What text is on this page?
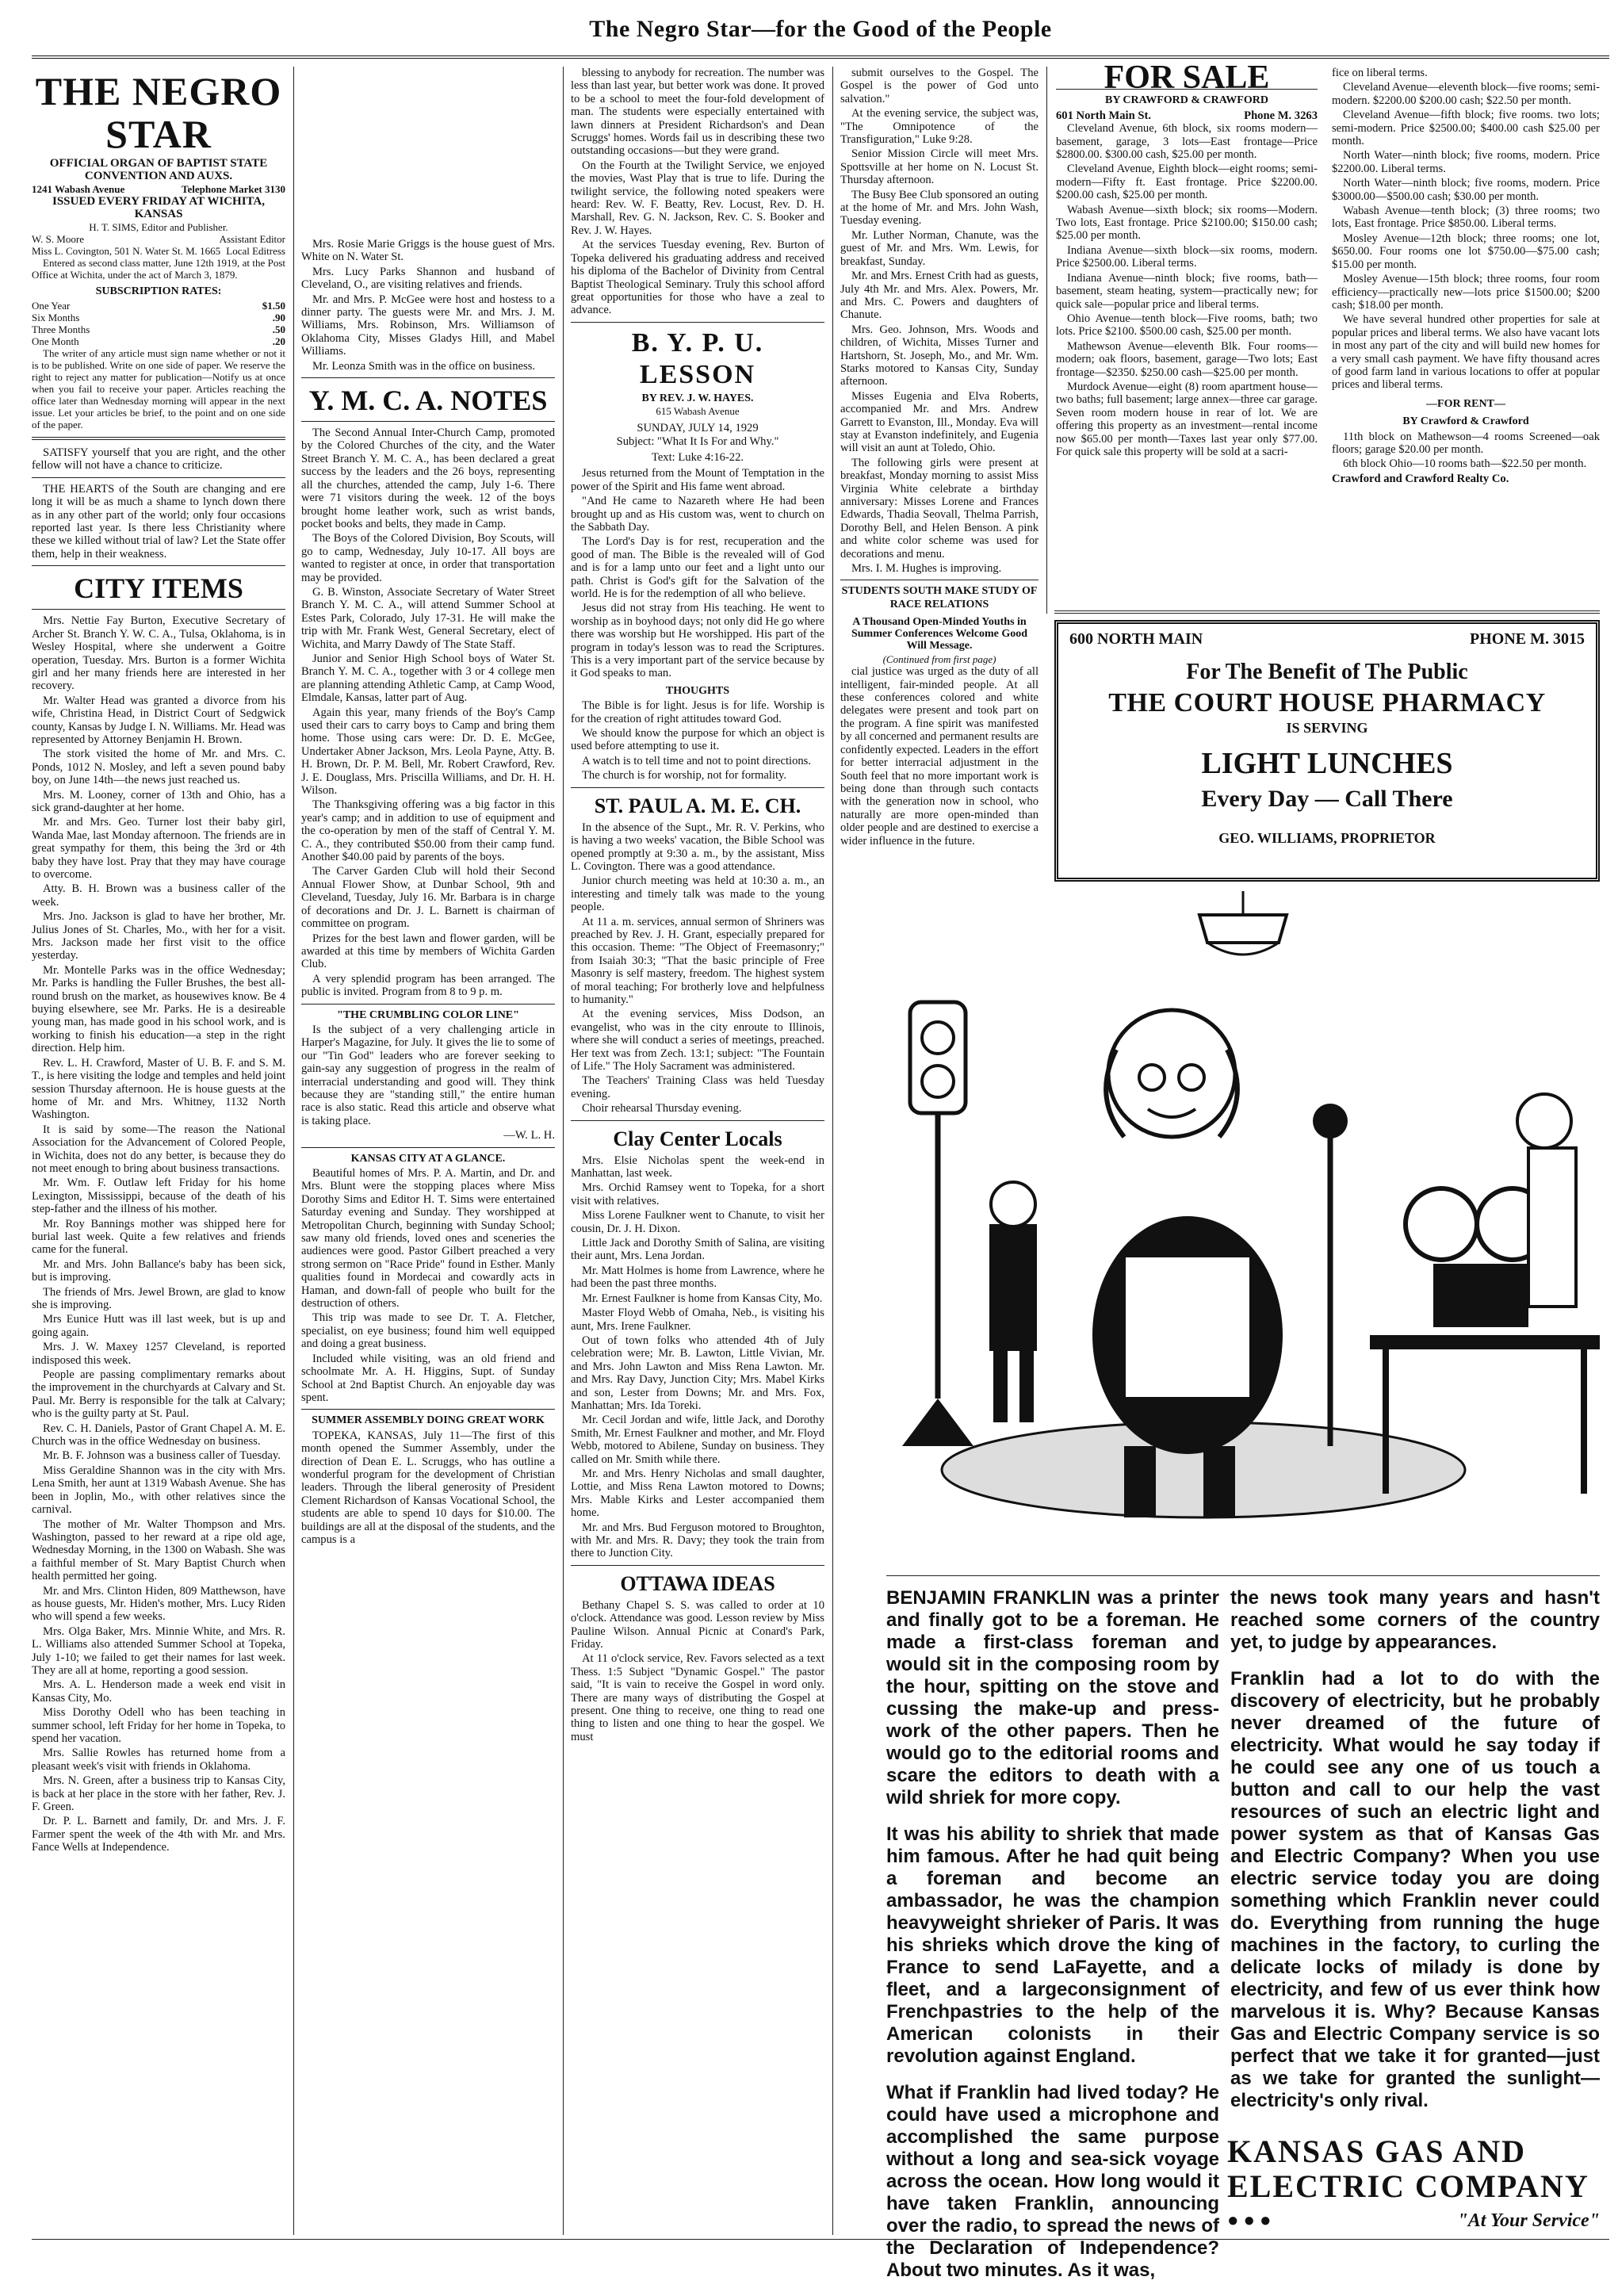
The Negro Star—for the Good of the People
THE NEGRO STAR
OFFICIAL ORGAN OF BAPTIST STATE CONVENTION AND AUXS.
1241 Wabash Avenue	Telephone Market 3130
ISSUED EVERY FRIDAY AT WICHITA, KANSAS
H. T. SIMS, Editor and Publisher.
W. S. Moore	Assistant Editor
Miss L. Covington, 501 N. Water St. M. 1665 Local Editress

Entered as second class matter, June 12th 1919, at the Post Office at Wichita, under the act of March 3, 1879.

SUBSCRIPTION RATES:
One Year	$1.50
Six Months	.90
Three Months	.50
One Month	.20

The writer of any article must sign name whether or not it is to be published. Write on one side of paper. We reserve the right to reject any matter for publication—Notify us at once when you fail to receive your paper. Articles reaching the office later than Wednesday morning will appear in the next issue. Let your articles be brief, to the point and on one side of the paper.

SATISFY yourself that you are right, and the other fellow will not have a chance to criticize.

THE HEARTS of the South are changing and ere long it will be as much a shame to lynch down there as in any other part of the world; only four occasions reported last year. Is there less Christianity where these we killed without trial of law? Let the State offer them, help in their weakness.

CITY ITEMS

Mrs. Nettie Fay Burton, Executive Secretary of Archer St. Branch Y. W. C. A., Tulsa, Oklahoma, is in Wesley Hospital, where she underwent a Goitre operation, Tuesday. Mrs. Burton is a former Wichita girl and her many friends here are interested in her recovery.

Mr. Walter Head was granted a divorce from his wife, Christina Head, in District Court of Sedgwick county, Kansas by Judge I. N. Williams. Mr. Head was represented by Attorney Benjamin H. Brown.

The stork visited the home of Mr. and Mrs. C. Ponds, 1012 N. Mosley, and left a seven pound baby boy, on June 14th—the news just reached us.

Mrs. M. Looney, corner of 13th and Ohio, has a sick grand-daughter at her home.

Mr. and Mrs. Geo. Turner lost their baby girl, Wanda Mae, last Monday afternoon. The friends are in great sympathy for them, this being the 3rd or 4th baby they have lost. Pray that they may have courage to overcome.

Atty. B. H. Brown was a business caller of the week.

Mrs. Jno. Jackson is glad to have her brother, Mr. Julius Jones of St. Charles, Mo., with her for a visit. Mrs. Jackson made her first visit to the office yesterday.

Mr. Montelle Parks was in the office Wednesday; Mr. Parks is handling the Fuller Brushes, the best all-round brush on the market, as housewives know. Be 4 buying elsewhere, see Mr. Parks. He is a desireable young man, has made good in his school work, and is working to finish his education—a step in the right direction. Help him.

Rev. L. H. Crawford, Master of U. B. F. and S. M. T., is here visiting the lodge and temples and held joint session Thursday afternoon. He is house guests at the home of Mr. and Mrs. Whitney, 1132 North Washington.

It is said by some—The reason the National Association for the Advancement of Colored People, in Wichita, does not do any better, is because they do not meet enough to bring about business transactions.

Mr. Wm. F. Outlaw left Friday for his home Lexington, Mississippi, because of the death of his step-father and the illness of his mother.

Mr. Roy Bannings mother was shipped here for burial last week. Quite a few relatives and friends came for the funeral.

Mr. and Mrs. John Ballance's baby has been sick, but is improving.

The friends of Mrs. Jewel Brown, are glad to know she is improving.

Mrs Eunice Hutt was ill last week, but is up and going again.

Mrs. J. W. Maxey 1257 Cleveland, is reported indisposed this week.

People are passing complimentary remarks about the improvement in the churchyards at Calvary and St. Paul. Mr. Berry is responsible for the talk at Calvary; who is the guilty party at St. Paul.

Rev. C. H. Daniels, Pastor of Grant Chapel A. M. E. Church was in the office Wednesday on business.

Mr. B. F. Johnson was a business caller of Tuesday.

Miss Geraldine Shannon was in the city with Mrs. Lena Smith, her aunt at 1319 Wabash Avenue. She has been in Joplin, Mo., with other relatives since the carnival.

The mother of Mr. Walter Thompson and Mrs. Washington, passed to her reward at a ripe old age, Wednesday Morning, in the 1300 on Wabash. She was a faithful member of St. Mary Baptist Church when health permitted her going.

Mr. and Mrs. Clinton Hiden, 809 Matthewson, have as house guests, Mr. Hiden's mother, Mrs. Lucy Riden who will spend a few weeks.

Mrs. Olga Baker, Mrs. Minnie White, and Mrs. R. L. Williams also attended Summer School at Topeka, July 1-10; we failed to get their names for last week. They are all at home, reporting a good session.

Mrs. A. L. Henderson made a week end visit in Kansas City, Mo.

Miss Dorothy Odell who has been teaching in summer school, left Friday for her home in Topeka, to spend her vacation.

Mrs. Sallie Rowles has returned home from a pleasant week's visit with friends in Oklahoma.

Mrs. N. Green, after a business trip to Kansas City, is back at her place in the store with her father, Rev. J. F. Green.

Dr. P. L. Barnett and family, Dr. and Mrs. J. F. Farmer spent the week of the 4th with Mr. and Mrs. Fance Wells at Independence.

Mrs. Rosie Marie Griggs is the house guest of Mrs. White on N. Water St.

Mrs. Lucy Parks Shannon and husband of Cleveland, O., are visiting relatives and friends.

Mr. and Mrs. P. McGee were host and hostess to a dinner party. The guests were Mr. and Mrs. J. M. Williams, Mrs. Robinson, Mrs. Williamson of Oklahoma City, Misses Gladys Hill, and Mabel Williams.

Mr. Leonza Smith was in the office on business.

Y. M. C. A. NOTES

The Second Annual Inter-Church Camp, promoted by the Colored Churches of the city, and the Water Street Branch Y. M. C. A., has been declared a great success by the leaders and the 26 boys, representing all the churches, attended the camp, July 1-6. There were 71 visitors during the week. 12 of the boys brought home leather work, such as wrist bands, pocket books and belts, they made in Camp.

The Boys of the Colored Division, Boy Scouts, will go to camp, Wednesday, July 10-17. All boys are wanted to register at once, in order that transportation may be provided.

G. B. Winston, Associate Secretary of Water Street Branch Y. M. C. A., will attend Summer School at Estes Park, Colorado, July 17-31. He will make the trip with Mr. Frank West, General Secretary, elect of Wichita, and Marry Dawdy of The State Staff.

Junior and Senior High School boys of Water St. Branch Y. M. C. A., together with 3 or 4 college men are planning attending Athletic Camp, at Camp Wood, Elmdale, Kansas, latter part of Aug.

Again this year, many friends of the Boy's Camp used their cars to carry boys to Camp and bring them home. Those using cars were: Dr. D. E. McGee, Undertaker Abner Jackson, Mrs. Leola Payne, Atty. B. H. Brown, Dr. P. M. Bell, Mr. Robert Crawford, Rev. J. E. Douglass, Mrs. Priscilla Williams, and Dr. H. H. Wilson.

The Thanksgiving offering was a big factor in this year's camp; and in addition to use of equipment and the co-operation by men of the staff of Central Y. M. C. A., they contributed $50.00 from their camp fund. Another $40.00 paid by parents of the boys.

The Carver Garden Club will hold their Second Annual Flower Show, at Dunbar School, 9th and Cleveland, Tuesday, July 16. Mr. Barbara is in charge of decorations and Dr. J. L. Barnett is chairman of committee on program.

Prizes for the best lawn and flower garden, will be awarded at this time by members of Wichita Garden Club.

A very splendid program has been arranged. The public is invited. Program from 8 to 9 p. m.

"THE CRUMBLING COLOR LINE"

Is the subject of a very challenging article in Harper's Magazine, for July. It gives the lie to some of our "Tin God" leaders who are forever seeking to gain-say any suggestion of progress in the realm of interracial understanding and good will. They think because they are "standing still," the entire human race is also static. Read this article and observe what is taking place.

—W. L. H.
KANSAS CITY AT A GLANCE.

Beautiful homes of Mrs. P. A. Martin, and Dr. and Mrs. Blunt were the stopping places where Miss Dorothy Sims and Editor H. T. Sims were entertained Saturday evening and Sunday. They worshipped at Metropolitan Church, beginning with Sunday School; saw many old friends, loved ones and sceneries the audiences were good. Pastor Gilbert preached a very strong sermon on "Race Pride" found in Esther. Manly qualities found in Mordecai and cowardly acts in Haman, and down-fall of people who built for the destruction of others.

This trip was made to see Dr. T. A. Fletcher, specialist, on eye business; found him well equipped and doing a great business.

Included while visiting, was an old friend and schoolmate Mr. A. H. Higgins, Supt. of Sunday School at 2nd Baptist Church. An enjoyable day was spent.

SUMMER ASSEMBLY DOING GREAT WORK

TOPEKA, KANSAS, July 11—The first of this month opened the Summer Assembly, under the direction of Dean E. L. Scruggs, who has outline a wonderful program for the development of Christian leaders. Through the liberal generosity of President Clement Richardson of Kansas Vocational School, the students are able to spend 10 days for $10.00. The buildings are all at the disposal of the students, and the campus is a

blessing to anybody for recreation. The number was less than last year, but better work was done. It proved to be a school to meet the four-fold development of man. The students were especially entertained with lawn dinners at President Richardson's and Dean Scruggs' homes. Words fail us in describing these two outstanding occasions—but they were grand.

On the Fourth at the Twilight Service, we enjoyed the movies, Wast Play that is true to life. During the twilight service, the following noted speakers were heard: Rev. W. F. Beatty, Rev. Locust, Rev. D. H. Marshall, Rev. G. N. Jackson, Rev. C. S. Booker and Rev. J. W. Hayes.

At the services Tuesday evening, Rev. Burton of Topeka delivered his graduating address and received his diploma of the Bachelor of Divinity from Central Baptist Theological Seminary. Truly this school afford great opportunities for those who have a zeal to advance.

B. Y. P. U. LESSON
BY REV. J. W. HAYES.
615 Wabash Avenue
SUNDAY, JULY 14, 1929
Subject: "What It Is For and Why."
Text: Luke 4:16-22.

Jesus returned from the Mount of Temptation in the power of the Spirit and His fame went abroad.

"And He came to Nazareth where He had been brought up and as His custom was, went to church on the Sabbath Day.

The Lord's Day is for rest, recuperation and the good of man. The Bible is the revealed will of God and is for a lamp unto our feet and a light unto our path. Christ is God's gift for the Salvation of the world. He is for the redemption of all who believe.

Jesus did not stray from His teaching. He went to worship as in boyhood days; not only did He go where there was worship but He worshipped. His part of the program in today's lesson was to read the Scriptures. This is a very important part of the service because by it God speaks to man.

THOUGHTS

The Bible is for light. Jesus is for life. Worship is for the creation of right attitudes toward God.

We should know the purpose for which an object is used before attempting to use it.

A watch is to tell time and not to point directions.

The church is for worship, not for formality.

ST. PAUL A. M. E. CH.

In the absence of the Supt., Mr. R. V. Perkins, who is having a two weeks' vacation, the Bible School was opened promptly at 9:30 a. m., by the assistant, Miss L. Covington. There was a good attendance.

Junior church meeting was held at 10:30 a. m., an interesting and timely talk was made to the young people.

At 11 a. m. services, annual sermon of Shriners was preached by Rev. J. H. Grant, especially prepared for this occasion. Theme: "The Object of Freemasonry;" from Isaiah 30:3; "That the basic principle of Free Masonry is self mastery, freedom. The highest system of moral teaching; For brotherly love and helpfulness to humanity."

At the evening services, Miss Dodson, an evangelist, who was in the city enroute to Illinois, where she will conduct a series of meetings, preached. Her text was from Zech. 13:1; subject: "The Fountain of Life." The Holy Sacrament was administered.

The Teachers' Training Class was held Tuesday evening.

Choir rehearsal Thursday evening.

Clay Center Locals

Mrs. Elsie Nicholas spent the week-end in Manhattan, last week.

Mrs. Orchid Ramsey went to Topeka, for a short visit with relatives.

Miss Lorene Faulkner went to Chanute, to visit her cousin, Dr. J. H. Dixon.

Little Jack and Dorothy Smith of Salina, are visiting their aunt, Mrs. Lena Jordan.

Mr. Matt Holmes is home from Lawrence, where he had been the past three months.

Mr. Ernest Faulkner is home from Kansas City, Mo.

Master Floyd Webb of Omaha, Neb., is visiting his aunt, Mrs. Irene Faulkner.

Out of town folks who attended 4th of July celebration were; Mr. B. Lawton, Little Vivian, Mr. and Mrs. John Lawton and Miss Rena Lawton. Mr. and Mrs. Ray Davy, Junction City; Mrs. Mabel Kirks and son, Lester from Downs; Mr. and Mrs. Fox, Manhattan; Mrs. Ida Toreki.

Mr. Cecil Jordan and wife, little Jack, and Dorothy Smith, Mr. Ernest Faulkner and mother, and Mr. Floyd Webb, motored to Abilene, Sunday on business. They called on Mr. Smith while there.

Mr. and Mrs. Henry Nicholas and small daughter, Lottie, and Miss Rena Lawton motored to Downs; Mrs. Mable Kirks and Lester accompanied them home.

Mr. and Mrs. Bud Ferguson motored to Broughton, with Mr. and Mrs. R. Davy; they took the train from there to Junction City.

OTTAWA IDEAS

Bethany Chapel S. S. was called to order at 10 o'clock. Attendance was good. Lesson review by Miss Pauline Wilson. Annual Picnic at Conard's Park, Friday.

At 11 o'clock service, Rev. Favors selected as a text Thess. 1:5 Subject "Dynamic Gospel." The pastor said, "It is vain to receive the Gospel in word only. There are many ways of distributing the Gospel at present. One thing to receive, one thing to read one thing to listen and one thing to hear the gospel. We must

submit ourselves to the Gospel. The Gospel is the power of God unto salvation."

At the evening service, the subject was, "The Omnipotence of the Transfiguration," Luke 9:28.

Senior Mission Circle will meet Mrs. Spottsville at her home on N. Locust St. Thursday afternoon.

The Busy Bee Club sponsored an outing at the home of Mr. and Mrs. John Wash, Tuesday evening.

Mr. Luther Norman, Chanute, was the guest of Mr. and Mrs. Wm. Lewis, for breakfast, Sunday.

Mr. and Mrs. Ernest Crith had as guests, July 4th Mr. and Mrs. Alex. Powers, Mr. and Mrs. C. Powers and daughters of Chanute.

Mrs. Geo. Johnson, Mrs. Woods and children, of Wichita, Misses Turner and Hartshorn, St. Joseph, Mo., and Mr. Wm. Starks motored to Kansas City, Sunday afternoon.

Misses Eugenia and Elva Roberts, accompanied Mr. and Mrs. Andrew Garrett to Evanston, Ill., Monday. Eva will stay at Evanston indefinitely, and Eugenia will visit an aunt at Toledo, Ohio.

The following girls were present at breakfast, Monday morning to assist Miss Virginia White celebrate a birthday anniversary: Misses Lorene and Frances Edwards, Thadia Seovall, Thelma Parrish, Dorothy Bell, and Helen Benson. A pink and white color scheme was used for decorations and menu.

Mrs. I. M. Hughes is improving.

STUDENTS SOUTH MAKE STUDY OF RACE RELATIONS
A Thousand Open-Minded Youths in Summer Conferences Welcome Good Will Message.
(Continued from first page)

cial justice was urged as the duty of all intelligent, fair-minded people. At all these conferences colored and white delegates were present and took part on the program. A fine spirit was manifested by all concerned and permanent results are confidently expected. Leaders in the effort for better interracial adjustment in the South feel that no more important work is being done than through such contacts with the generation now in school, who naturally are more open-minded than older people and are destined to exercise a wider influence in the future.

FOR SALE
BY CRAWFORD & CRAWFORD
601 North Main St.	Phone M. 3263

Cleveland Avenue, 6th block, six rooms modern—basement, garage, 3 lots—East frontage—Price $2800.00. $300.00 cash, $25.00 per month.

Cleveland Avenue, Eighth block—eight rooms; semi-modern—Fifty ft. East frontage. Price $2200.00. $200.00 cash, $25.00 per month.

Wabash Avenue—sixth block; six rooms—Modern. Two lots, East frontage. Price $2100.00; $150.00 cash; $25.00 per month.

Indiana Avenue—sixth block—six rooms, modern. Price $2500.00. Liberal terms.

Indiana Avenue—ninth block; five rooms, bath—basement, steam heating, system—practically new; for quick sale—popular price and liberal terms.

Ohio Avenue—tenth block—Five rooms, bath; two lots. Price $2100. $500.00 cash, $25.00 per month.

Mathewson Avenue—eleventh Blk. Four rooms—modern; oak floors, basement, garage—Two lots; East frontage—$2350. $250.00 cash—$25.00 per month.

Murdock Avenue—eight (8) room apartment house—two baths; full basement; large annex—three car garage. Seven room modern house in rear of lot. We are offering this property as an investment—rental income now $65.00 per month—Taxes last year only $77.00. For quick sale this property will be sold at a sacri-

fice on liberal terms.

Cleveland Avenue—eleventh block—five rooms; semi-modern. $2200.00 $200.00 cash; $22.50 per month.

Cleveland Avenue—fifth block; five rooms. two lots; semi-modern. Price $2500.00; $400.00 cash $25.00 per month.

North Water—ninth block; five rooms, modern. Price $2200.00. Liberal terms.

North Water—ninth block; five rooms, modern. Price $3000.00—$500.00 cash; $30.00 per month.

Wabash Avenue—tenth block; (3) three rooms; two lots, East frontage. Price $850.00. Liberal terms.

Mosley Avenue—12th block; three rooms; one lot, $650.00. Four rooms one lot $750.00—$75.00 cash; $15.00 per month.

Mosley Avenue—15th block; three rooms, four room efficiency—practically new—lots price $1500.00; $200 cash; $18.00 per month.

We have several hundred other properties for sale at popular prices and liberal terms. We also have vacant lots in most any part of the city and will build new homes for a very small cash payment. We have fifty thousand acres of good farm land in various locations to offer at popular prices and liberal terms.

—FOR RENT—
BY Crawford & Crawford

11th block on Mathewson—4 rooms Screened—oak floors; garage $20.00 per month.

6th block Ohio—10 rooms bath—$22.50 per month.

Crawford and Crawford Realty Co.
600 NORTH MAIN	PHONE M. 3015
For The Benefit of The Public
THE COURT HOUSE PHARMACY
IS SERVING
LIGHT LUNCHES
Every Day — Call There
GEO. WILLIAMS, PROPRIETOR

BENJAMIN FRANKLIN was a printer and finally got to be a foreman. He made a first-class foreman and would sit in the composing room by the hour, spitting on the stove and cussing the make-up and press-work of the other papers. Then he would go to the editorial rooms and scare the editors to death with a wild shriek for more copy.

It was his ability to shriek that made him famous. After he had quit being a foreman and become an ambassador, he was the champion heavyweight shrieker of Paris. It was his shrieks which drove the king of France to send LaFayette, and a fleet, and a largeconsignment of Frenchpastries to the help of the American colonists in their revolution against England.

What if Franklin had lived today? He could have used a microphone and accomplished the same purpose without a long and sea-sick voyage across the ocean. How long would it have taken Franklin, announcing over the radio, to spread the news of the Declaration of Independence? About two minutes. As it was,

the news took many years and hasn't reached some corners of the country yet, to judge by appearances.

Franklin had a lot to do with the discovery of electricity, but he probably never dreamed of the future of electricity. What would he say today if he could see any one of us touch a button and call to our help the vast resources of such an electric light and power system as that of Kansas Gas and Electric Company? When you use electric service today you are doing something which Franklin never could do. Everything from running the huge machines in the factory, to curling the delicate locks of milady is done by electricity, and few of us ever think how marvelous it is. Why? Because Kansas Gas and Electric Company service is so perfect that we take it for granted—just as we take for granted the sunlight—electricity's only rival.

KANSAS GAS AND ELECTRIC COMPANY
● ● ●	"At Your Service"
